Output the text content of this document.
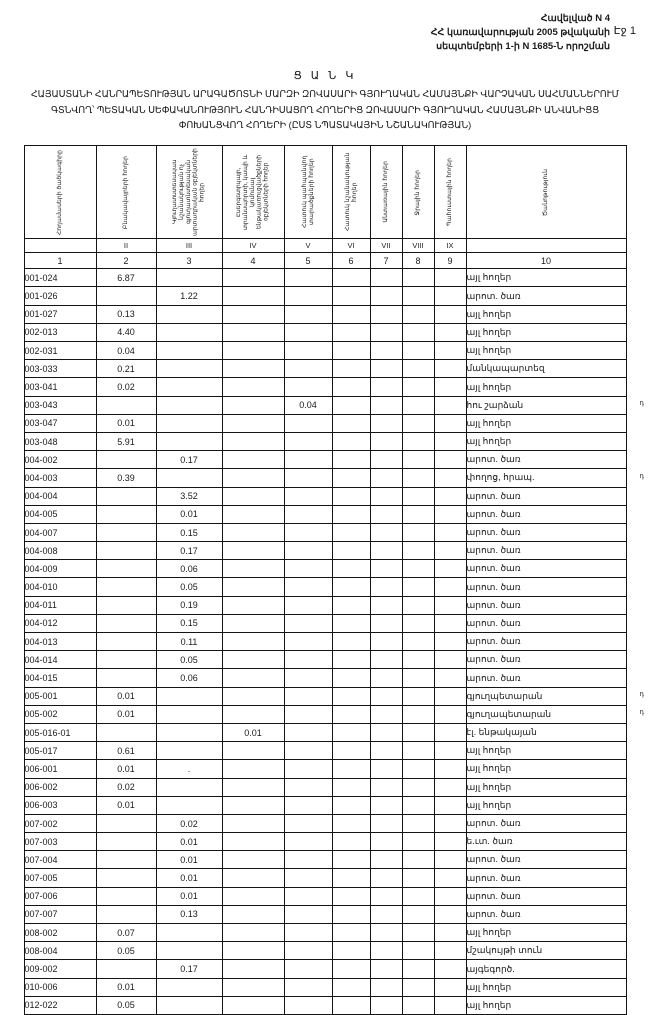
Էջ 1
Հավելված N 4
ՀՀ կառավարության 2005 թվականի
սեպտեմբերի 1-ի N 1685-Ն որոշման
Ց Ա Ն Կ
ՀԱՅԱՍՏԱՆԻ ՀԱՆՐԱՊԵՏՈՒԹՅԱՆ ԱՐԱԳԱԾՈՏՆԻ ՄԱՐԶԻ ԶՈՎԱՍԱՐԻ ԳՅՈՒՂԱԿԱՆ ՀԱՄԱՅՆՔԻ ՎԱՐՉԱԿԱՆ ՍԱՀՄԱՆՆԵՐՈՒՄ ԳՏՆՎՈՂ՝ ՊԵՏԱԿԱՆ ՍԵՓԱԿԱՆՈՒԹՅՈՒՆ ՀԱՆԴԻՍԱՑՈՂ ՀՈՂԵՐԻՑ ԶՈՎԱՍԱՐԻ ԳՅՈՒՂԱԿԱՆ ՀԱՄԱՅՆՔԻ ԱՆՎԱՆԻՑՑ ՓՈԽԱՆՑՎՈՂ ՀՈՂԵՐԻ (ԸՍՏ ՆՊԱՏԱԿԱՅԻՆ ՆՇԱՆԱԿՈՒԹՅԱՆ)
Հողամասերի ծածկագիրը	Բնակավայրերի հողեր	Գյուղատնտեսական նշանակության ոչ գյուղատնտեսական արտադրական օբյեկտների հողեր	Էներգետիկայի, տրանսպորտի, կապի և կոմունալ ենթակառուցվածքների օբյեկտների հողեր	Հատուկ պահպանվող տարածքների հողեր	Հատուկ նշանակության հողեր	Անտառային հողեր	Ջրային հողեր	Պահուստային հողեր	Ծանոթություն

	II	III	IV	V	VI	VII	VIII	IX	
1	2	3	4	5	6	7	8	9	10
001-024	6.87								այլ հողեր
001-026		1.22							արոտ. ծառ
001-027	0.13								այլ հողեր
002-013	4.40								այլ հողեր
002-031	0.04								այլ հողեր
003-033	0.21								մանկապարտեզ
003-041	0.02								այլ հողեր
003-043				0.04					հու շարձան
003-047	0.01								այլ հողեր
003-048	5.91								այլ հողեր
004-002		0.17							արոտ. ծառ
004-003	0.39								փողոց, հրապ.
004-004		3.52							արոտ. ծառ
004-005		0.01							արոտ. ծառ
004-007		0.15							արոտ. ծառ
004-008		0.17							արոտ. ծառ
004-009		0.06							արոտ. ծառ
004-010		0.05							արոտ. ծառ
004-011		0.19							արոտ. ծառ
004-012		0.15							արոտ. ծառ
004-013		0.11							արոտ. ծառ
004-014		0.05							արոտ. ծառ
004-015		0.06							արոտ. ծառ
005-001	0.01								գյուղպետարան
005-002	0.01								գյուղապետարան
005-016-01			0.01						էլ. ենթակայան
005-017	0.61								այլ հողեր
006-001	0.01	.							այլ հողեր
006-002	0.02								այլ հողեր
006-003	0.01								այլ հողեր
007-002		0.02							արոտ. ծառ
007-003		0.01							ե.ւտ. ծառ
007-004		0.01							արոտ. ծառ
007-005		0.01							արոտ. ծառ
007-006		0.01							արոտ. ծառ
007-007		0.13							արոտ. ծառ
008-002	0.07								այլ հողեր
008-004	0.05								մշակույթի տուն
009-002		0.17							այգեգործ.
010-006	0.01								այլ հողեր
012-022	0.05								այլ հողեր
դ
դ
դ
դ
